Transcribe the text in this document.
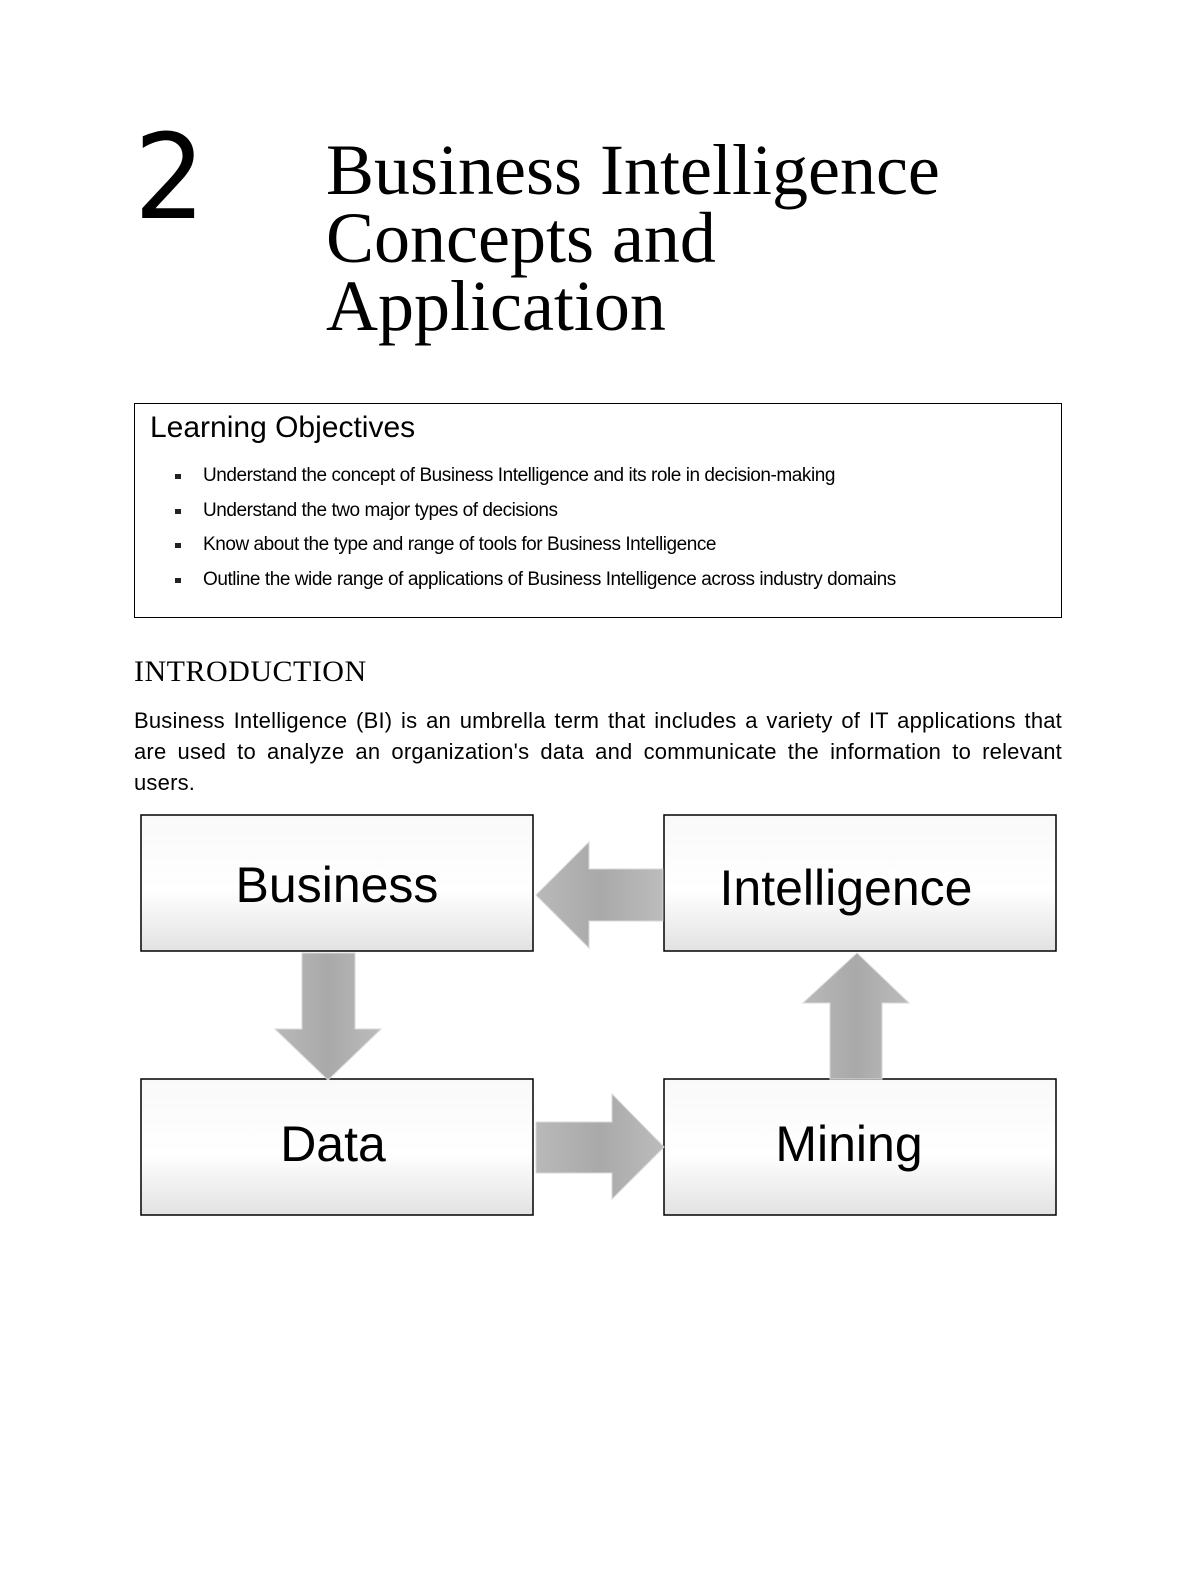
2 Business Intelligence
Concepts and
Application
Learning Objectives
Understand the concept of Business Intelligence and its role in decision-making
Understand the two major types of decisions
Know about the type and range of tools for Business Intelligence
Outline the wide range of applications of Business Intelligence across industry domains
INTRODUCTION

Business Intelligence (BI) is an umbrella term that includes a variety of IT applications that are used to analyze an organization's data and communicate the information to relevant users.

Business	Intelligence
Data	Mining
